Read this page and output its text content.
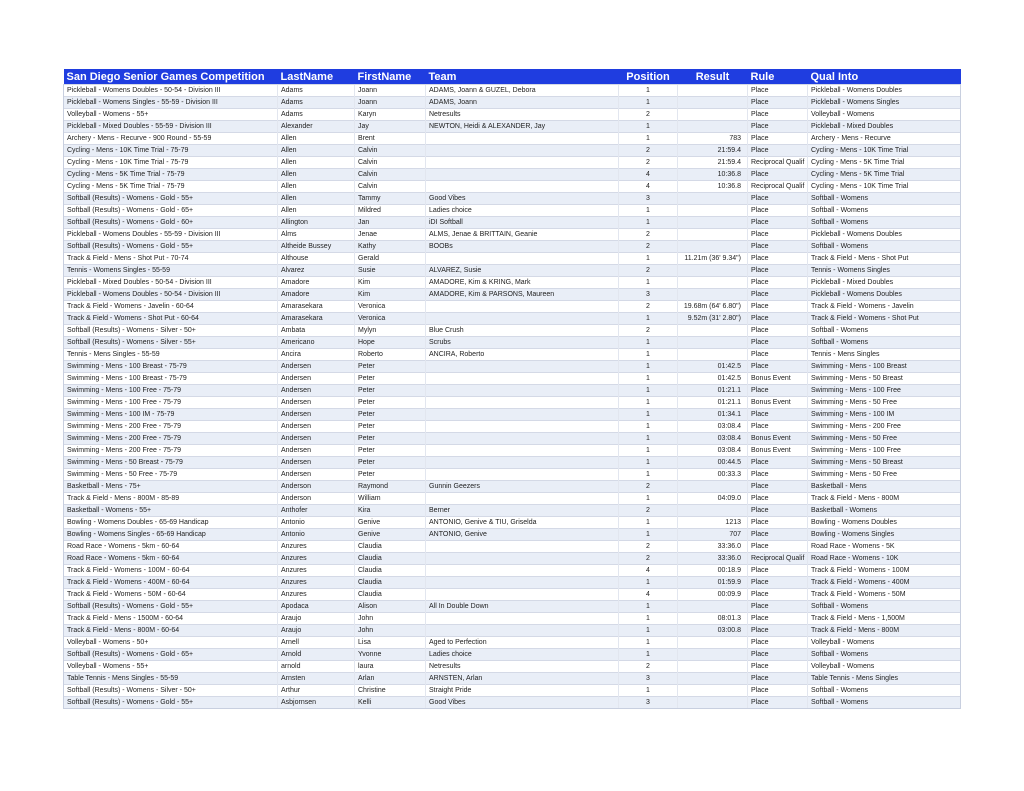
San Diego Senior Games Competition	LastName	FirstName	Team	Position	Result	Rule	Qual Into
Pickleball - Womens Doubles - 50-54 - Division III	Adams	Joann	ADAMS, Joann & GUZEL, Debora	1		Place	Pickleball - Womens Doubles
Pickleball - Womens Singles - 55-59 - Division III	Adams	Joann	ADAMS, Joann	1		Place	Pickleball - Womens Singles
Volleyball - Womens - 55+	Adams	Karyn	Netresults	2		Place	Volleyball - Womens
Pickleball - Mixed Doubles - 55-59 - Division III	Alexander	Jay	NEWTON, Heidi & ALEXANDER, Jay	1		Place	Pickleball - Mixed Doubles
Archery - Mens - Recurve - 900 Round - 55-59	Allen	Brent		1	783	Place	Archery - Mens - Recurve
Cycling - Mens - 10K Time Trial - 75-79	Allen	Calvin		2	21:59.4	Place	Cycling - Mens - 10K Time Trial
Cycling - Mens - 10K Time Trial - 75-79	Allen	Calvin		2	21:59.4	Reciprocal Qualif	Cycling - Mens - 5K Time Trial
Cycling - Mens - 5K Time Trial - 75-79	Allen	Calvin		4	10:36.8	Place	Cycling - Mens - 5K Time Trial
Cycling - Mens - 5K Time Trial - 75-79	Allen	Calvin		4	10:36.8	Reciprocal Qualif	Cycling - Mens - 10K Time Trial
Softball (Results) - Womens - Gold - 55+	Allen	Tammy	Good Vibes	3		Place	Softball - Womens
Softball (Results) - Womens - Gold - 65+	Allen	Mildred	Ladies choice	1		Place	Softball - Womens
Softball (Results) - Womens - Gold - 60+	Allington	Jan	iDI Softball	1		Place	Softball - Womens
Pickleball - Womens Doubles - 55-59 - Division III	Alms	Jenae	ALMS, Jenae & BRITTAIN, Geanie	2		Place	Pickleball - Womens Doubles
Softball (Results) - Womens - Gold - 55+	Altheide Bussey	Kathy	BOOBs	2		Place	Softball - Womens
Track & Field - Mens - Shot Put - 70-74	Althouse	Gerald		1	11.21m (36' 9.34")	Place	Track & Field - Mens - Shot Put
Tennis - Womens Singles - 55-59	Alvarez	Susie	ALVAREZ, Susie	2		Place	Tennis - Womens Singles
Pickleball - Mixed Doubles - 50-54 - Division III	Amadore	Kim	AMADORE, Kim & KRING, Mark	1		Place	Pickleball - Mixed Doubles
Pickleball - Womens Doubles - 50-54 - Division III	Amadore	Kim	AMADORE, Kim & PARSONS, Maureen	3		Place	Pickleball - Womens Doubles
Track & Field - Womens - Javelin - 60-64	Amarasekara	Veronica		2	19.68m (64' 6.80")	Place	Track & Field - Womens - Javelin
Track & Field - Womens - Shot Put - 60-64	Amarasekara	Veronica		1	9.52m (31' 2.80")	Place	Track & Field - Womens - Shot Put
Softball (Results) - Womens - Silver - 50+	Ambata	Mylyn	Blue Crush	2		Place	Softball - Womens
Softball (Results) - Womens - Silver - 55+	Americano	Hope	Scrubs	1		Place	Softball - Womens
Tennis - Mens Singles - 55-59	Ancira	Roberto	ANCIRA, Roberto	1		Place	Tennis - Mens Singles
Swimming - Mens - 100 Breast - 75-79	Andersen	Peter		1	01:42.5	Place	Swimming - Mens - 100 Breast
Swimming - Mens - 100 Breast - 75-79	Andersen	Peter		1	01:42.5	Bonus Event	Swimming - Mens - 50 Breast
Swimming - Mens - 100 Free - 75-79	Andersen	Peter		1	01:21.1	Place	Swimming - Mens - 100 Free
Swimming - Mens - 100 Free - 75-79	Andersen	Peter		1	01:21.1	Bonus Event	Swimming - Mens - 50 Free
Swimming - Mens - 100 IM - 75-79	Andersen	Peter		1	01:34.1	Place	Swimming - Mens - 100 IM
Swimming - Mens - 200 Free - 75-79	Andersen	Peter		1	03:08.4	Place	Swimming - Mens - 200 Free
Swimming - Mens - 200 Free - 75-79	Andersen	Peter		1	03:08.4	Bonus Event	Swimming - Mens - 50 Free
Swimming - Mens - 200 Free - 75-79	Andersen	Peter		1	03:08.4	Bonus Event	Swimming - Mens - 100 Free
Swimming - Mens - 50 Breast - 75-79	Andersen	Peter		1	00:44.5	Place	Swimming - Mens - 50 Breast
Swimming - Mens - 50 Free - 75-79	Andersen	Peter		1	00:33.3	Place	Swimming - Mens - 50 Free
Basketball - Mens - 75+	Anderson	Raymond	Gunnin Geezers	2		Place	Basketball - Mens
Track & Field - Mens - 800M - 85-89	Anderson	William		1	04:09.0	Place	Track & Field - Mens - 800M
Basketball - Womens - 55+	Anthofer	Kira	Berner	2		Place	Basketball - Womens
Bowling - Womens Doubles - 65-69 Handicap	Antonio	Genive	ANTONIO, Genive & TIU, Griselda	1	1213	Place	Bowling - Womens Doubles
Bowling - Womens Singles - 65-69 Handicap	Antonio	Genive	ANTONIO, Genive	1	707	Place	Bowling - Womens Singles
Road Race - Womens - 5km - 60-64	Anzures	Claudia		2	33:36.0	Place	Road Race - Womens - 5K
Road Race - Womens - 5km - 60-64	Anzures	Claudia		2	33:36.0	Reciprocal Qualif	Road Race - Womens - 10K
Track & Field - Womens - 100M - 60-64	Anzures	Claudia		4	00:18.9	Place	Track & Field - Womens - 100M
Track & Field - Womens - 400M - 60-64	Anzures	Claudia		1	01:59.9	Place	Track & Field - Womens - 400M
Track & Field - Womens - 50M - 60-64	Anzures	Claudia		4	00:09.9	Place	Track & Field - Womens - 50M
Softball (Results) - Womens - Gold - 55+	Apodaca	Alison	All In Double Down	1		Place	Softball - Womens
Track & Field - Mens - 1500M - 60-64	Araujo	John		1	08:01.3	Place	Track & Field - Mens - 1,500M
Track & Field - Mens - 800M - 60-64	Araujo	John		1	03:00.8	Place	Track & Field - Mens - 800M
Volleyball - Womens - 50+	Arnell	Lisa	Aged to Perfection	1		Place	Volleyball - Womens
Softball (Results) - Womens - Gold - 65+	Arnold	Yvonne	Ladies choice	1		Place	Softball - Womens
Volleyball - Womens - 55+	arnold	laura	Netresults	2		Place	Volleyball - Womens
Table Tennis - Mens Singles - 55-59	Arnsten	Arlan	ARNSTEN, Arlan	3		Place	Table Tennis - Mens Singles
Softball (Results) - Womens - Silver - 50+	Arthur	Christine	Straight Pride	1		Place	Softball - Womens
Softball (Results) - Womens - Gold - 55+	Asbjornsen	Kelli	Good Vibes	3		Place	Softball - Womens
